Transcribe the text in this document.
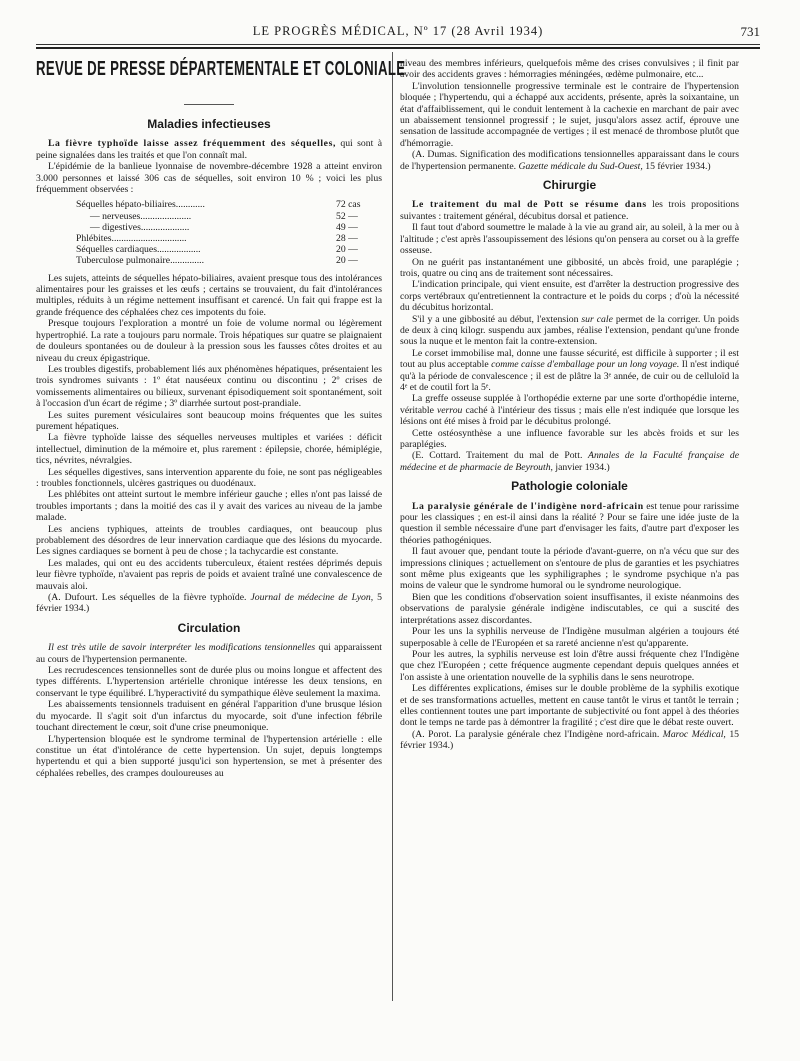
LE PROGRÈS MÉDICAL, Nº 17 (28 Avril 1934)	731
REVUE DE PRESSE DÉPARTEMENTALE ET COLONIALE
Maladies infectieuses

La fièvre typhoïde laisse assez fréquemment des séquelles, qui sont à peine signalées dans les traités et que l'on connaît mal.

L'épidémie de la banlieue lyonnaise de novembre-décembre 1928 a atteint environ 3.000 personnes et laissé 306 cas de séquelles, soit environ 10 % ; voici les plus fréquemment observées :

Séquelles hépato-biliaires............	72 cas
— nerveuses.....................	52 —
— digestives....................	49 —
Phlébites...............................	28 —
Séquelles cardiaques..................	20 —
Tuberculose pulmonaire..............	20 —

Les sujets, atteints de séquelles hépato-biliaires, avaient presque tous des intolérances alimentaires pour les graisses et les œufs ; certains se trouvaient, du fait d'intolérances multiples, réduits à un régime nettement insuffisant et carencé. Un fait qui frappe est la grande fréquence des céphalées chez ces impotents du foie.

Presque toujours l'exploration a montré un foie de volume normal ou légèrement hypertrophié. La rate a toujours paru normale. Trois hépatiques sur quatre se plaignaient de douleurs spontanées ou de douleur à la pression sous les fausses côtes droites et au niveau du creux épigastrique.

Les troubles digestifs, probablement liés aux phénomènes hépatiques, présentaient les trois syndromes suivants : 1º état nauséeux continu ou discontinu ; 2º crises de vomissements alimentaires ou bilieux, survenant épisodiquement soit spontanément, soit à l'occasion d'un écart de régime ; 3º diarrhée surtout post-prandiale.

Les suites purement vésiculaires sont beaucoup moins fréquentes que les suites purement hépatiques.

La fièvre typhoïde laisse des séquelles nerveuses multiples et variées : déficit intellectuel, diminution de la mémoire et, plus rarement : épilepsie, chorée, hémiplégie, tics, névrites, névralgies.

Les séquelles digestives, sans intervention apparente du foie, ne sont pas négligeables : troubles fonctionnels, ulcères gastriques ou duodénaux.

Les phlébites ont atteint surtout le membre inférieur gauche ; elles n'ont pas laissé de troubles importants ; dans la moitié des cas il y avait des varices au niveau de la jambe malade.

Les anciens typhiques, atteints de troubles cardiaques, ont beaucoup plus probablement des désordres de leur innervation cardiaque que des lésions du myocarde. Les signes cardiaques se bornent à peu de chose ; la tachycardie est constante.

Les malades, qui ont eu des accidents tuberculeux, étaient restées déprimés depuis leur fièvre typhoïde, n'avaient pas repris de poids et avaient traîné une convalescence de mauvais aloi.

(A. Dufourt. Les séquelles de la fièvre typhoïde. Journal de médecine de Lyon, 5 février 1934.)

Circulation

Il est très utile de savoir interpréter les modifications tensionnelles qui apparaissent au cours de l'hypertension permanente.

Les recrudescences tensionnelles sont de durée plus ou moins longue et affectent des types différents. L'hypertension artérielle chronique intéresse les deux tensions, en conservant le type équilibré. L'hyperactivité du sympathique élève seulement la maxima.

Les abaissements tensionnels traduisent en général l'apparition d'une brusque lésion du myocarde. Il s'agit soit d'un infarctus du myocarde, soit d'une infection fébrile touchant directement le cœur, soit d'une crise pneumonique.

L'hypertension bloquée est le syndrome terminal de l'hypertension artérielle : elle constitue un état d'intolérance de cette hypertension. Un sujet, depuis longtemps hypertendu et qui a bien supporté jusqu'ici son hypertension, se met à présenter des céphalées rebelles, des crampes douloureuses au

niveau des membres inférieurs, quelquefois même des crises convulsives ; il finit par avoir des accidents graves : hémorragies méningées, œdème pulmonaire, etc...

L'involution tensionnelle progressive terminale est le contraire de l'hypertension bloquée ; l'hypertendu, qui a échappé aux accidents, présente, après la soixantaine, un état d'affaiblissement, qui le conduit lentement à la cachexie en marchant de pair avec un abaissement tensionnel progressif ; le sujet, jusqu'alors assez actif, éprouve une sensation de lassitude accompagnée de vertiges ; il est menacé de thrombose plutôt que d'hémorragie.

(A. Dumas. Signification des modifications tensionnelles apparaissant dans le cours de l'hypertension permanente. Gazette médicale du Sud-Ouest, 15 février 1934.)

Chirurgie

Le traitement du mal de Pott se résume dans les trois propositions suivantes : traitement général, décubitus dorsal et patience.

Il faut tout d'abord soumettre le malade à la vie au grand air, au soleil, à la mer ou à l'altitude ; c'est après l'assoupissement des lésions qu'on pensera au corset ou à la greffe osseuse.

On ne guérit pas instantanément une gibbosité, un abcès froid, une paraplégie ; trois, quatre ou cinq ans de traitement sont nécessaires.

L'indication principale, qui vient ensuite, est d'arrêter la destruction progressive des corps vertébraux qu'entretiennent la contracture et le poids du corps ; d'où la nécessité du décubitus horizontal.

S'il y a une gibbosité au début, l'extension sur cale permet de la corriger. Un poids de deux à cinq kilogr. suspendu aux jambes, réalise l'extension, pendant qu'une fronde sous la nuque et le menton fait la contre-extension.

Le corset immobilise mal, donne une fausse sécurité, est difficile à supporter ; il est tout au plus acceptable comme caisse d'emballage pour un long voyage. Il n'est indiqué qu'à la période de convalescence ; il est de plâtre la 3ᵉ année, de cuir ou de celluloïd la 4ᵉ et de coutil fort la 5ᵉ.

La greffe osseuse supplée à l'orthopédie externe par une sorte d'orthopédie interne, véritable verrou caché à l'intérieur des tissus ; mais elle n'est indiquée que lorsque les lésions ont été mises à froid par le décubitus prolongé.

Cette ostéosynthèse a une influence favorable sur les abcès froids et sur les paraplégies.

(E. Cottard. Traitement du mal de Pott. Annales de la Faculté française de médecine et de pharmacie de Beyrouth, janvier 1934.)

Pathologie coloniale

La paralysie générale de l'indigène nord-africain est tenue pour rarissime pour les classiques ; en est-il ainsi dans la réalité ? Pour se faire une idée juste de la question il semble nécessaire d'une part d'envisager les faits, d'autre part d'exposer les théories pathogéniques.

Il faut avouer que, pendant toute la période d'avant-guerre, on n'a vécu que sur des impressions cliniques ; actuellement on s'entoure de plus de garanties et les psychiatres sont même plus exigeants que les syphiligraphes ; le syndrome psychique n'a pas moins de valeur que le syndrome humoral ou le syndrome neurologique.

Bien que les conditions d'observation soient insuffisantes, il existe néanmoins des observations de paralysie générale indigène indiscutables, ce qui a suscité des interprétations assez discordantes.

Pour les uns la syphilis nerveuse de l'Indigène musulman algérien a toujours été superposable à celle de l'Européen et sa rareté ancienne n'est qu'apparente.

Pour les autres, la syphilis nerveuse est loin d'être aussi fréquente chez l'Indigène que chez l'Européen ; cette fréquence augmente cependant depuis quelques années et l'on assiste à une orientation nouvelle de la syphilis dans le sens neurotrope.

Les différentes explications, émises sur le double problème de la syphilis exotique et de ses transformations actuelles, mettent en cause tantôt le virus et tantôt le terrain ; elles contiennent toutes une part importante de subjectivité ou font appel à des théories dont le temps ne tarde pas à démontrer la fragilité ; c'est dire que le débat reste ouvert.

(A. Porot. La paralysie générale chez l'Indigène nord-africain. Maroc Médical, 15 février 1934.)
